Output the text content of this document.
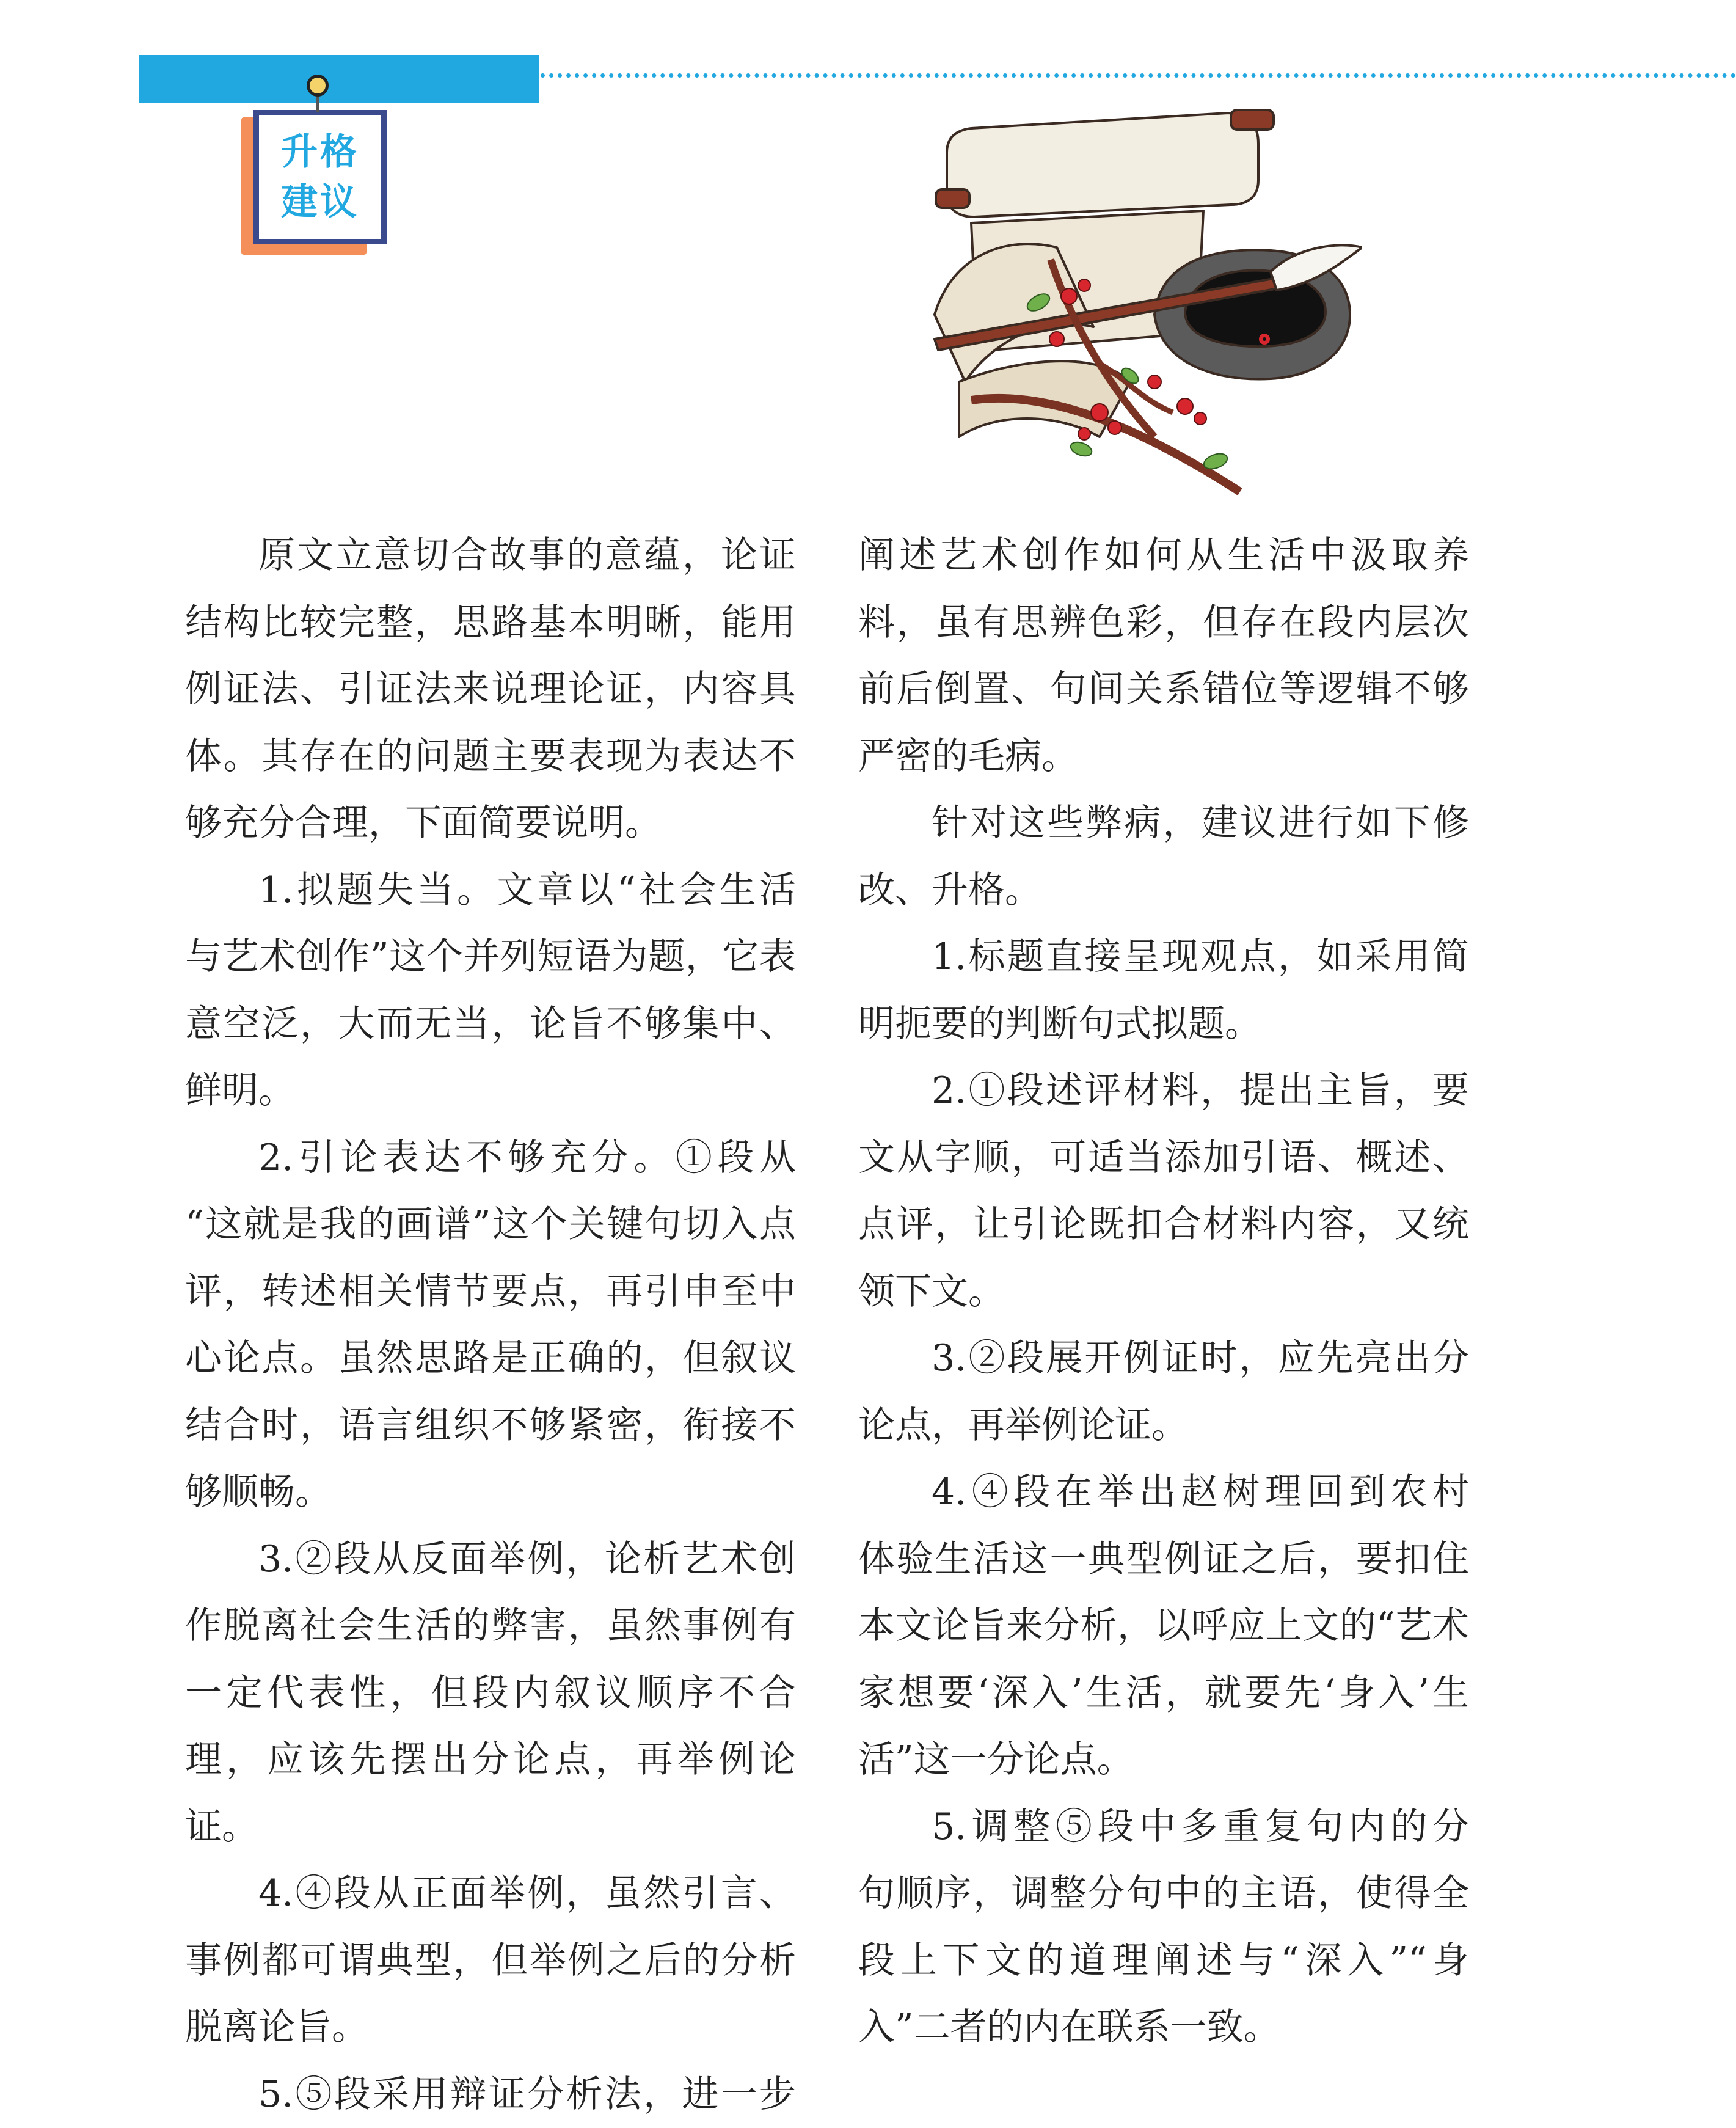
升格
建议

原文立意切合故事的意蕴，论证

结构比较完整，思路基本明晰，能用例证法、引证法来说理论证，内容具体。其存在的问题主要表现为表达不够充分合理，下面简要说明。

1.拟题失当。文章以“社会生活

与艺术创作”这个并列短语为题，它表意空泛，大而无当，论旨不够集中、鲜明。

2.引论表达不够充分。①段从

“这就是我的画谱”这个关键句切入点评，转述相关情节要点，再引申至中心论点。虽然思路是正确的，但叙议结合时，语言组织不够紧密，衔接不够顺畅。

3.②段从反面举例，论析艺术创

作脱离社会生活的弊害，虽然事例有一定代表性，但段内叙议顺序不合理，应该先摆出分论点，再举例论证。

4.④段从正面举例，虽然引言、

事例都可谓典型，但举例之后的分析脱离论旨。

5.⑤段采用辩证分析法，进一步

阐述艺术创作如何从生活中汲取养料，虽有思辨色彩，但存在段内层次前后倒置、句间关系错位等逻辑不够严密的毛病。

针对这些弊病，建议进行如下修

改、升格。

1.标题直接呈现观点，如采用简

明扼要的判断句式拟题。

2.①段述评材料，提出主旨，要

文从字顺，可适当添加引语、概述、点评，让引论既扣合材料内容，又统领下文。

3.②段展开例证时，应先亮出分

论点，再举例论证。

4.④段在举出赵树理回到农村

体验生活这一典型例证之后，要扣住本文论旨来分析，以呼应上文的“艺术家想要‘深入’生活，就要先‘身入’生活”这一分论点。

5.调整⑤段中多重复句内的分

句顺序，调整分句中的主语，使得全段上下文的道理阐述与“深入”“身入”二者的内在联系一致。
